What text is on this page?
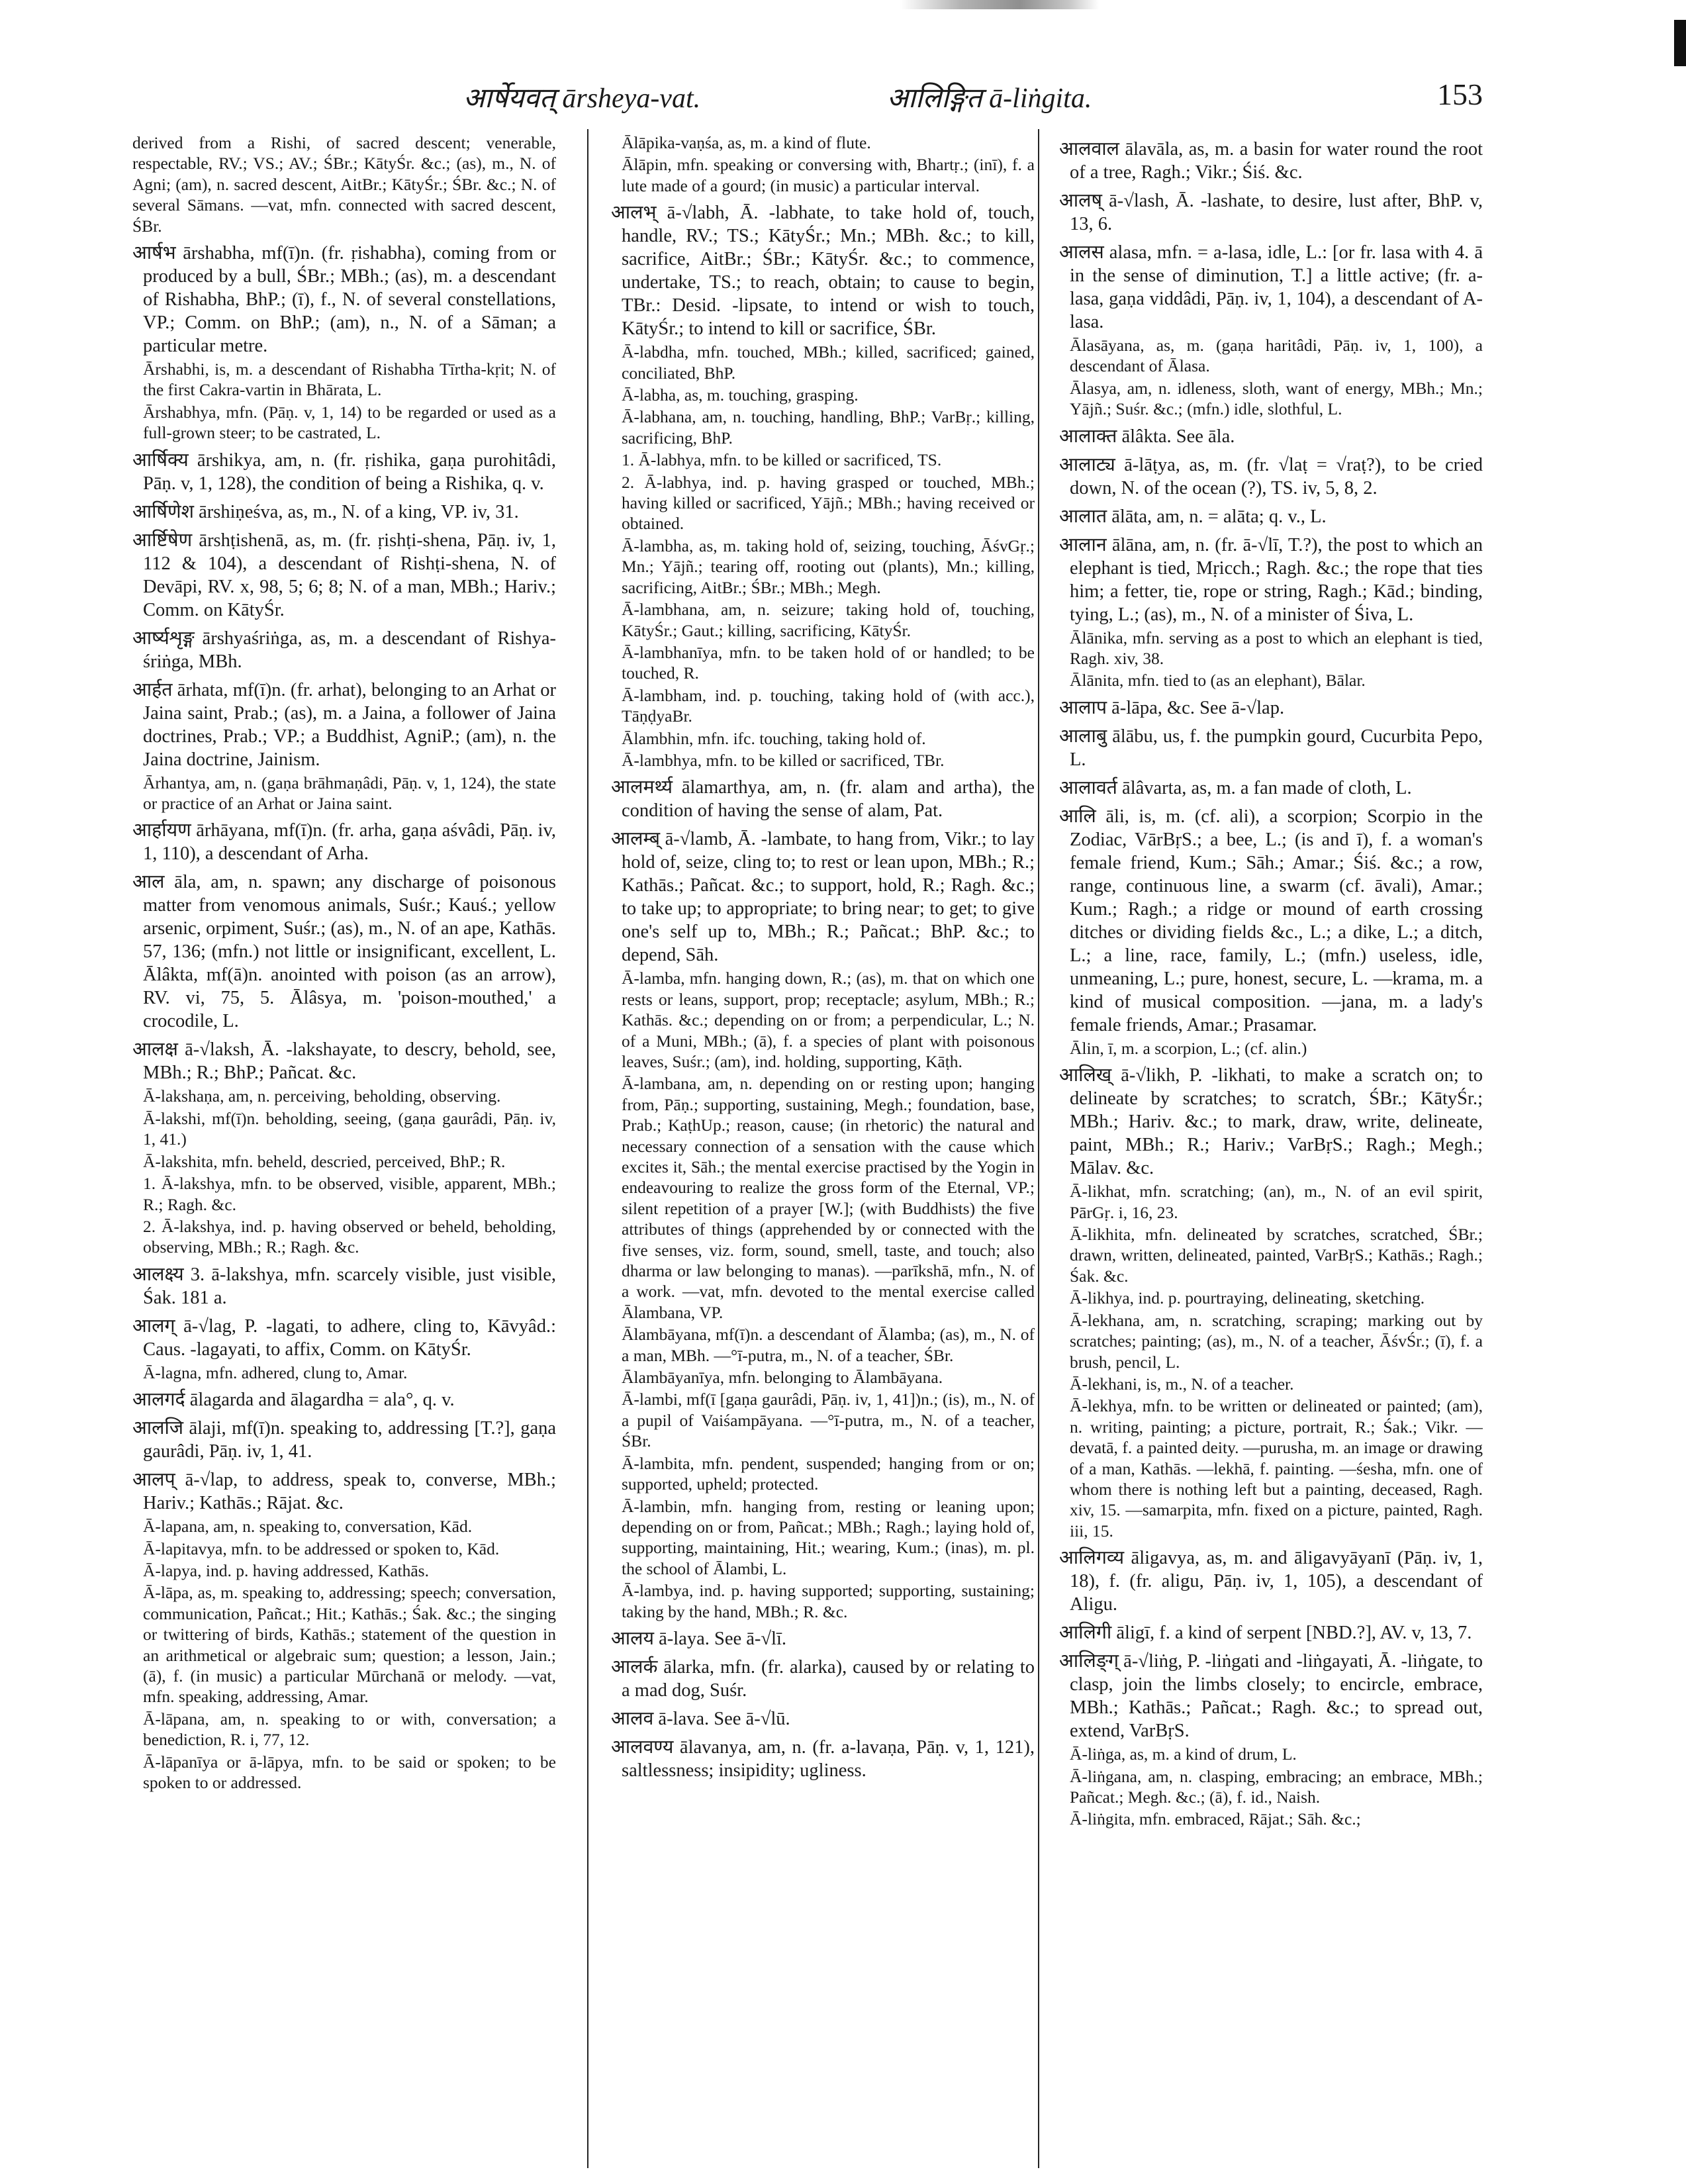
आर्षेयवत् ārsheya-vat.	आलिङ्गित ā-liṅgita.	153

derived from a Rishi, of sacred descent; venerable, respectable, RV.; VS.; AV.; ŚBr.; KātyŚr. &c.; (as), m., N. of Agni; (am), n. sacred descent, AitBr.; KātyŚr.; ŚBr. &c.; N. of several Sāmans. —vat, mfn. connected with sacred descent, ŚBr.

आर्षभ ārshabha, mf(ī)n. (fr. ṛishabha), coming from or produced by a bull, ŚBr.; MBh.; (as), m. a descendant of Rishabha, BhP.; (ī), f., N. of several constellations, VP.; Comm. on BhP.; (am), n., N. of a Sāman; a particular metre.

Ārshabhi, is, m. a descendant of Rishabha Tīrtha-kṛit; N. of the first Cakra-vartin in Bhārata, L.

Ārshabhya, mfn. (Pāṇ. v, 1, 14) to be regarded or used as a full-grown steer; to be castrated, L.

आर्षिक्य ārshikya, am, n. (fr. ṛishika, gaṇa purohitâdi, Pāṇ. v, 1, 128), the condition of being a Rishika, q. v.

आर्षिणेश ārshiṇeśva, as, m., N. of a king, VP. iv, 31.

आर्ष्टिषेण ārshṭishenā, as, m. (fr. ṛishṭi-shena, Pāṇ. iv, 1, 112 & 104), a descendant of Rishṭi-shena, N. of Devāpi, RV. x, 98, 5; 6; 8; N. of a man, MBh.; Hariv.; Comm. on KātyŚr.

आर्ष्यशृङ्ग ārshyaśriṅga, as, m. a descendant of Rishya-śriṅga, MBh.

आर्हत ārhata, mf(ī)n. (fr. arhat), belonging to an Arhat or Jaina saint, Prab.; (as), m. a Jaina, a follower of Jaina doctrines, Prab.; VP.; a Buddhist, AgniP.; (am), n. the Jaina doctrine, Jainism.

Ārhantya, am, n. (gaṇa brāhmaṇâdi, Pāṇ. v, 1, 124), the state or practice of an Arhat or Jaina saint.

आर्हायण ārhāyana, mf(ī)n. (fr. arha, gaṇa aśvâdi, Pāṇ. iv, 1, 110), a descendant of Arha.

आल āla, am, n. spawn; any discharge of poisonous matter from venomous animals, Suśr.; Kauś.; yellow arsenic, orpiment, Suśr.; (as), m., N. of an ape, Kathās. 57, 136; (mfn.) not little or insignificant, excellent, L. Ālâkta, mf(ā)n. anointed with poison (as an arrow), RV. vi, 75, 5. Ālâsya, m. 'poison-mouthed,' a crocodile, L.

आलक्ष ā-√laksh, Ā. -lakshayate, to descry, behold, see, MBh.; R.; BhP.; Pañcat. &c.

Ā-lakshaṇa, am, n. perceiving, beholding, observing.

Ā-lakshi, mf(ī)n. beholding, seeing, (gaṇa gaurâdi, Pāṇ. iv, 1, 41.)

Ā-lakshita, mfn. beheld, descried, perceived, BhP.; R.

1. Ā-lakshya, mfn. to be observed, visible, apparent, MBh.; R.; Ragh. &c.

2. Ā-lakshya, ind. p. having observed or beheld, beholding, observing, MBh.; R.; Ragh. &c.

आलक्ष्य 3. ā-lakshya, mfn. scarcely visible, just visible, Śak. 181 a.

आलग् ā-√lag, P. -lagati, to adhere, cling to, Kāvyâd.: Caus. -lagayati, to affix, Comm. on KātyŚr.

Ā-lagna, mfn. adhered, clung to, Amar.

आलगर्द ālagarda and ālagardha = ala°, q. v.

आलजि ālaji, mf(ī)n. speaking to, addressing [T.?], gaṇa gaurâdi, Pāṇ. iv, 1, 41.

आलप् ā-√lap, to address, speak to, converse, MBh.; Hariv.; Kathās.; Rājat. &c.

Ā-lapana, am, n. speaking to, conversation, Kād.

Ā-lapitavya, mfn. to be addressed or spoken to, Kād.

Ā-lapya, ind. p. having addressed, Kathās.

Ā-lāpa, as, m. speaking to, addressing; speech; conversation, communication, Pañcat.; Hit.; Kathās.; Śak. &c.; the singing or twittering of birds, Kathās.; statement of the question in an arithmetical or algebraic sum; question; a lesson, Jain.; (ā), f. (in music) a particular Mūrchanā or melody. —vat, mfn. speaking, addressing, Amar.

Ā-lāpana, am, n. speaking to or with, conversation; a benediction, R. i, 77, 12.

Ā-lāpanīya or ā-lāpya, mfn. to be said or spoken; to be spoken to or addressed.

Ālāpika-vaṇśa, as, m. a kind of flute.

Ālāpin, mfn. speaking or conversing with, Bhartṛ.; (inī), f. a lute made of a gourd; (in music) a particular interval.

आलभ् ā-√labh, Ā. -labhate, to take hold of, touch, handle, RV.; TS.; KātyŚr.; Mn.; MBh. &c.; to kill, sacrifice, AitBr.; ŚBr.; KātyŚr. &c.; to commence, undertake, TS.; to reach, obtain; to cause to begin, TBr.: Desid. -lipsate, to intend or wish to touch, KātyŚr.; to intend to kill or sacrifice, ŚBr.

Ā-labdha, mfn. touched, MBh.; killed, sacrificed; gained, conciliated, BhP.

Ā-labha, as, m. touching, grasping.

Ā-labhana, am, n. touching, handling, BhP.; VarBṛ.; killing, sacrificing, BhP.

1. Ā-labhya, mfn. to be killed or sacrificed, TS.

2. Ā-labhya, ind. p. having grasped or touched, MBh.; having killed or sacrificed, Yājñ.; MBh.; having received or obtained.

Ā-lambha, as, m. taking hold of, seizing, touching, ĀśvGṛ.; Mn.; Yājñ.; tearing off, rooting out (plants), Mn.; killing, sacrificing, AitBr.; ŚBr.; MBh.; Megh.

Ā-lambhana, am, n. seizure; taking hold of, touching, KātyŚr.; Gaut.; killing, sacrificing, KātyŚr.

Ā-lambhanīya, mfn. to be taken hold of or handled; to be touched, R.

Ā-lambham, ind. p. touching, taking hold of (with acc.), TāṇḍyaBr.

Ālambhin, mfn. ifc. touching, taking hold of.

Ā-lambhya, mfn. to be killed or sacrificed, TBr.

आलमर्थ्य ālamarthya, am, n. (fr. alam and artha), the condition of having the sense of alam, Pat.

आलम्ब् ā-√lamb, Ā. -lambate, to hang from, Vikr.; to lay hold of, seize, cling to; to rest or lean upon, MBh.; R.; Kathās.; Pañcat. &c.; to support, hold, R.; Ragh. &c.; to take up; to appropriate; to bring near; to get; to give one's self up to, MBh.; R.; Pañcat.; BhP. &c.; to depend, Sāh.

Ā-lamba, mfn. hanging down, R.; (as), m. that on which one rests or leans, support, prop; receptacle; asylum, MBh.; R.; Kathās. &c.; depending on or from; a perpendicular, L.; N. of a Muni, MBh.; (ā), f. a species of plant with poisonous leaves, Suśr.; (am), ind. holding, supporting, Kāṭh.

Ā-lambana, am, n. depending on or resting upon; hanging from, Pāṇ.; supporting, sustaining, Megh.; foundation, base, Prab.; KaṭhUp.; reason, cause; (in rhetoric) the natural and necessary connection of a sensation with the cause which excites it, Sāh.; the mental exercise practised by the Yogin in endeavouring to realize the gross form of the Eternal, VP.; silent repetition of a prayer [W.]; (with Buddhists) the five attributes of things (apprehended by or connected with the five senses, viz. form, sound, smell, taste, and touch; also dharma or law belonging to manas). —parīkshā, mfn., N. of a work. —vat, mfn. devoted to the mental exercise called Ālambana, VP.

Ālambāyana, mf(ī)n. a descendant of Ālamba; (as), m., N. of a man, MBh. —°ī-putra, m., N. of a teacher, ŚBr.

Ālambāyanīya, mfn. belonging to Ālambāyana.

Ā-lambi, mf(ī [gaṇa gaurâdi, Pāṇ. iv, 1, 41])n.; (is), m., N. of a pupil of Vaiśampāyana. —°ī-putra, m., N. of a teacher, ŚBr.

Ā-lambita, mfn. pendent, suspended; hanging from or on; supported, upheld; protected.

Ā-lambin, mfn. hanging from, resting or leaning upon; depending on or from, Pañcat.; MBh.; Ragh.; laying hold of, supporting, maintaining, Hit.; wearing, Kum.; (inas), m. pl. the school of Ālambi, L.

Ā-lambya, ind. p. having supported; supporting, sustaining; taking by the hand, MBh.; R. &c.

आलय ā-laya. See ā-√lī.

आलर्क ālarka, mfn. (fr. alarka), caused by or relating to a mad dog, Suśr.

आलव ā-lava. See ā-√lū.

आलवण्य ālavanya, am, n. (fr. a-lavaṇa, Pāṇ. v, 1, 121), saltlessness; insipidity; ugliness.

आलवाल ālavāla, as, m. a basin for water round the root of a tree, Ragh.; Vikr.; Śiś. &c.

आलष् ā-√lash, Ā. -lashate, to desire, lust after, BhP. v, 13, 6.

आलस alasa, mfn. = a-lasa, idle, L.: [or fr. lasa with 4. ā in the sense of diminution, T.] a little active; (fr. a-lasa, gaṇa viddâdi, Pāṇ. iv, 1, 104), a descendant of A-lasa.

Ālasāyana, as, m. (gaṇa haritâdi, Pāṇ. iv, 1, 100), a descendant of Ālasa.

Ālasya, am, n. idleness, sloth, want of energy, MBh.; Mn.; Yājñ.; Suśr. &c.; (mfn.) idle, slothful, L.

आलाक्त ālâkta. See āla.

आलाट्य ā-lāṭya, as, m. (fr. √laṭ = √raṭ?), to be cried down, N. of the ocean (?), TS. iv, 5, 8, 2.

आलात ālāta, am, n. = alāta; q. v., L.

आलान ālāna, am, n. (fr. ā-√lī, T.?), the post to which an elephant is tied, Mṛicch.; Ragh. &c.; the rope that ties him; a fetter, tie, rope or string, Ragh.; Kād.; binding, tying, L.; (as), m., N. of a minister of Śiva, L.

Ālānika, mfn. serving as a post to which an elephant is tied, Ragh. xiv, 38.

Ālānita, mfn. tied to (as an elephant), Bālar.

आलाप ā-lāpa, &c. See ā-√lap.

आलाबु ālābu, us, f. the pumpkin gourd, Cucurbita Pepo, L.

आलावर्त ālâvarta, as, m. a fan made of cloth, L.

आलि āli, is, m. (cf. ali), a scorpion; Scorpio in the Zodiac, VārBṛS.; a bee, L.; (is and ī), f. a woman's female friend, Kum.; Sāh.; Amar.; Śiś. &c.; a row, range, continuous line, a swarm (cf. āvali), Amar.; Kum.; Ragh.; a ridge or mound of earth crossing ditches or dividing fields &c., L.; a dike, L.; a ditch, L.; a line, race, family, L.; (mfn.) useless, idle, unmeaning, L.; pure, honest, secure, L. —krama, m. a kind of musical composition. —jana, m. a lady's female friends, Amar.; Prasamar.

Ālin, ī, m. a scorpion, L.; (cf. alin.)

आलिख् ā-√likh, P. -likhati, to make a scratch on; to delineate by scratches; to scratch, ŚBr.; KātyŚr.; MBh.; Hariv. &c.; to mark, draw, write, delineate, paint, MBh.; R.; Hariv.; VarBṛS.; Ragh.; Megh.; Mālav. &c.

Ā-likhat, mfn. scratching; (an), m., N. of an evil spirit, PārGṛ. i, 16, 23.

Ā-likhita, mfn. delineated by scratches, scratched, ŚBr.; drawn, written, delineated, painted, VarBṛS.; Kathās.; Ragh.; Śak. &c.

Ā-likhya, ind. p. pourtraying, delineating, sketching.

Ā-lekhana, am, n. scratching, scraping; marking out by scratches; painting; (as), m., N. of a teacher, ĀśvŚr.; (ī), f. a brush, pencil, L.

Ā-lekhani, is, m., N. of a teacher.

Ā-lekhya, mfn. to be written or delineated or painted; (am), n. writing, painting; a picture, portrait, R.; Śak.; Vikr. —devatā, f. a painted deity. —purusha, m. an image or drawing of a man, Kathās. —lekhā, f. painting. —śesha, mfn. one of whom there is nothing left but a painting, deceased, Ragh. xiv, 15. —samarpita, mfn. fixed on a picture, painted, Ragh. iii, 15.

आलिगव्य āligavya, as, m. and āligavyāyanī (Pāṇ. iv, 1, 18), f. (fr. aligu, Pāṇ. iv, 1, 105), a descendant of Aligu.

आलिगी āligī, f. a kind of serpent [NBD.?], AV. v, 13, 7.

आलिङ्ग् ā-√liṅg, P. -liṅgati and -liṅgayati, Ā. -liṅgate, to clasp, join the limbs closely; to encircle, embrace, MBh.; Kathās.; Pañcat.; Ragh. &c.; to spread out, extend, VarBṛS.

Ā-liṅga, as, m. a kind of drum, L.

Ā-liṅgana, am, n. clasping, embracing; an embrace, MBh.; Pañcat.; Megh. &c.; (ā), f. id., Naish.

Ā-liṅgita, mfn. embraced, Rājat.; Sāh. &c.;
